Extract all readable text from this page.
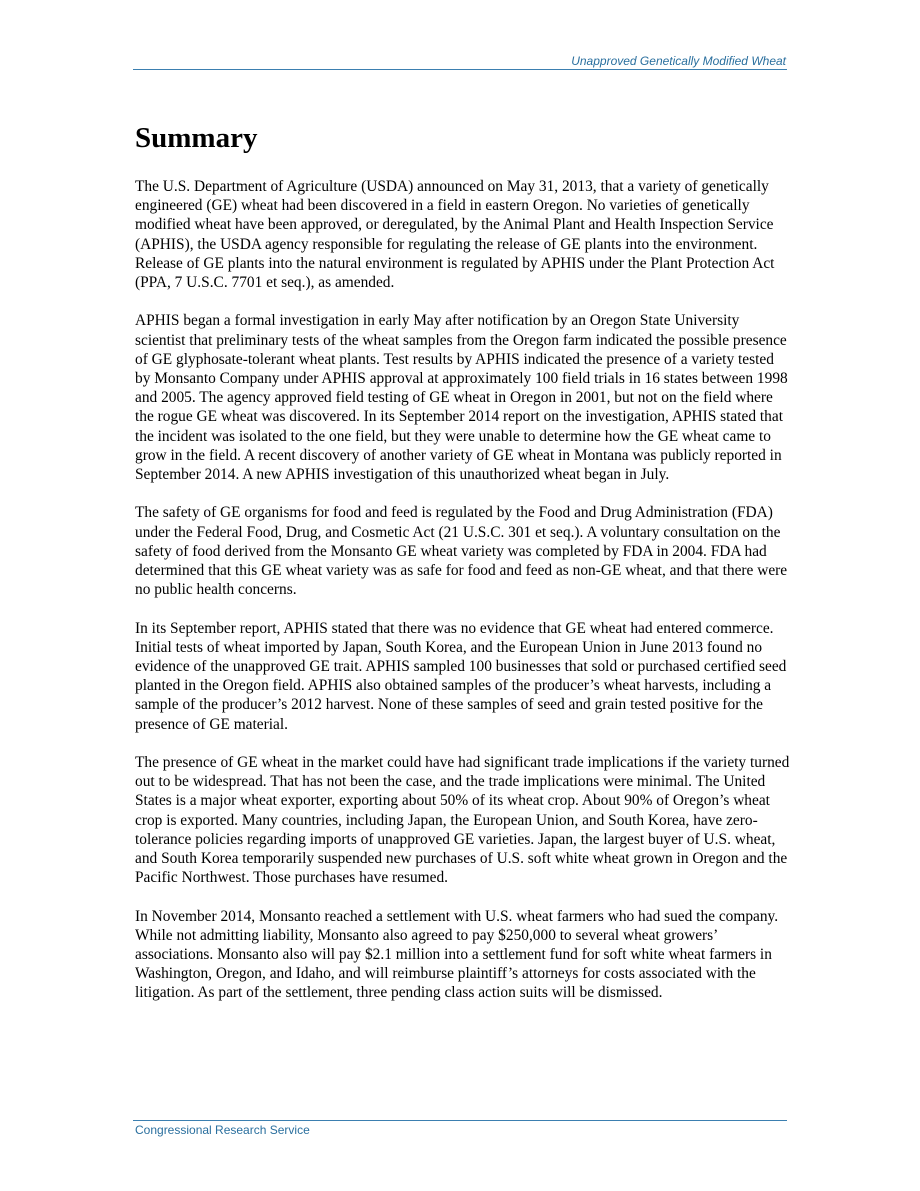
Unapproved Genetically Modified Wheat
Summary

The U.S. Department of Agriculture (USDA) announced on May 31, 2013, that a variety of genetically engineered (GE) wheat had been discovered in a field in eastern Oregon. No varieties of genetically modified wheat have been approved, or deregulated, by the Animal Plant and Health Inspection Service (APHIS), the USDA agency responsible for regulating the release of GE plants into the environment. Release of GE plants into the natural environment is regulated by APHIS under the Plant Protection Act (PPA, 7 U.S.C. 7701 et seq.), as amended.

APHIS began a formal investigation in early May after notification by an Oregon State University scientist that preliminary tests of the wheat samples from the Oregon farm indicated the possible presence of GE glyphosate-tolerant wheat plants. Test results by APHIS indicated the presence of a variety tested by Monsanto Company under APHIS approval at approximately 100 field trials in 16 states between 1998 and 2005. The agency approved field testing of GE wheat in Oregon in 2001, but not on the field where the rogue GE wheat was discovered. In its September 2014 report on the investigation, APHIS stated that the incident was isolated to the one field, but they were unable to determine how the GE wheat came to grow in the field. A recent discovery of another variety of GE wheat in Montana was publicly reported in September 2014. A new APHIS investigation of this unauthorized wheat began in July.

The safety of GE organisms for food and feed is regulated by the Food and Drug Administration (FDA) under the Federal Food, Drug, and Cosmetic Act (21 U.S.C. 301 et seq.). A voluntary consultation on the safety of food derived from the Monsanto GE wheat variety was completed by FDA in 2004. FDA had determined that this GE wheat variety was as safe for food and feed as non-GE wheat, and that there were no public health concerns.

In its September report, APHIS stated that there was no evidence that GE wheat had entered commerce. Initial tests of wheat imported by Japan, South Korea, and the European Union in June 2013 found no evidence of the unapproved GE trait. APHIS sampled 100 businesses that sold or purchased certified seed planted in the Oregon field. APHIS also obtained samples of the producer’s wheat harvests, including a sample of the producer’s 2012 harvest. None of these samples of seed and grain tested positive for the presence of GE material.

The presence of GE wheat in the market could have had significant trade implications if the variety turned out to be widespread. That has not been the case, and the trade implications were minimal. The United States is a major wheat exporter, exporting about 50% of its wheat crop. About 90% of Oregon’s wheat crop is exported. Many countries, including Japan, the European Union, and South Korea, have zero-tolerance policies regarding imports of unapproved GE varieties. Japan, the largest buyer of U.S. wheat, and South Korea temporarily suspended new purchases of U.S. soft white wheat grown in Oregon and the Pacific Northwest. Those purchases have resumed.

In November 2014, Monsanto reached a settlement with U.S. wheat farmers who had sued the company. While not admitting liability, Monsanto also agreed to pay $250,000 to several wheat growers’ associations. Monsanto also will pay $2.1 million into a settlement fund for soft white wheat farmers in Washington, Oregon, and Idaho, and will reimburse plaintiff’s attorneys for costs associated with the litigation. As part of the settlement, three pending class action suits will be dismissed.

Congressional Research Service
